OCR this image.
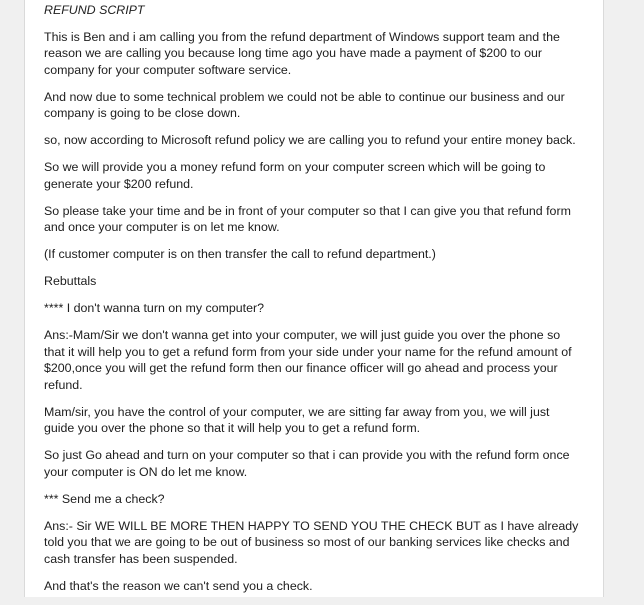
REFUND SCRIPT

This is Ben and i am calling you from the refund department of Windows support team and the reason we are calling you because long time ago you have made a payment of $200 to our company for your computer software service.

And now due to some technical problem we could not be able to continue our business and our company is going to be close down.

so, now according to Microsoft refund policy we are calling you to refund your entire money back.

So we will provide you a money refund form on your computer screen which will be going to generate your $200 refund.

So please take your time and be in front of your computer so that I can give you that refund form and once your computer is on let me know.

(If customer computer is on then transfer the call to refund department.)

Rebuttals

**** I don't wanna turn on my computer?

Ans:-Mam/Sir we don't wanna get into your computer, we will just guide you over the phone so that it will help you to get a refund form from your side under your name for the refund amount of $200,once you will get the refund form then our finance officer will go ahead and process your refund.

Mam/sir, you have the control of your computer, we are sitting far away from you, we will just guide you over the phone so that it will help you to get a refund form.

So just Go ahead and turn on your computer so that i can provide you with the refund form once your computer is ON do let me know.

*** Send me a check?

Ans:- Sir WE WILL BE MORE THEN HAPPY TO SEND YOU THE CHECK BUT as I have already told you that we are going to be out of business so most of our banking services like checks and cash transfer has been suspended.

And that's the reason we can't send you a check.
